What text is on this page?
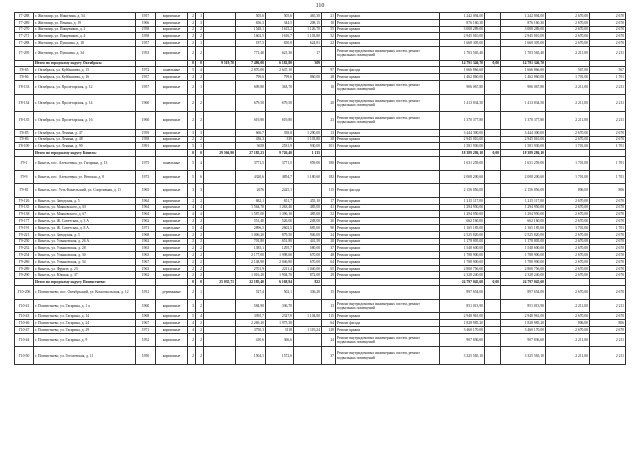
110
Г7-288	г. Житомир, ул. Никитина, д. 54	1957	кирпичные	2	1		505,6	505,6	465,30	21	Ремонт крыши	1 242 094,00		1 242 094,00	2 670,00	2 670
Г7-289	г. Житомир, ул. Пенина, д. 19	1966	кирпичные	2	3		656,3	344,5	208,15	18	Ремонт крыши	876 160,30		876 160,30	2 670,00	2 670
Г7-270	г. Житомир, ул. Пищевиков, д. 2	1958	кирпичные	2	2		1548,1	1615,2	1 126,70	55	Ремонт крыши	3 008 289,00		3 008 289,00	2 670,00	2 670
Г7-271	г. Житомир, ул. Пищевиков, д. 4	1958	кирпичные	2	2		1602,5	1616,7	1 103,80	52	Ремонт крыши	2 945 010,00		2 945 010,00	2 670,00	2 670
Г7-288	г. Житомир, ул. Пушкина, д. 18	1957	кирпичные	2	1		187,5	650,8	624,81	22	Ремонт крыши	1 668 305,00		1 668 305,00	2 670,00	2 670
Г7-295	г. Житомир, ул. Пушкина, д. 34	1953	кирпичные	2	2		771,40	621,30	17		Ремонт внутридомовых инженерных систем, ремонт подвальных помещений	1 703 565,40		1 703 565,40	2 211,00	2 211
	Итого по городскому округу Октябрьск:			0	0	9 519,70	7 486,00	6 182,80	309			14 791 346,70	0,00	14 791 346,70		
Г8-65	г. Октябрьск, ул. Куйбышева, д. 15	1972	панельные	5	4		2 870,00	2 647,10		97	Ремонт фасада	1 666 866,60		1 666 866,60	567,00	567
Г8-66	г. Октябрьск, ул. Куйбышева, д. 16	1957	кирпичные	2	2		799,6	799,6	860,00	28	Ремонт крыши	1 462 860,00		1 462 860,00	1 701,00	1 701
Г8-133	г. Октябрьск, ул. Пролетарская, д. 12	1957	кирпичные	2	1		609,80	363,70		10	Ремонт внутридомовых инженерных систем, ремонт подвальных помещений	906 067,80		906 067,80	2 211,00	2 211
Г8-134	г. Октябрьск, ул. Пролетарская, д. 14	1960	кирпичные	2	2		679,50	679,50		20	Ремонт внутридомовых инженерных систем, ремонт подвальных помещений	1 413 834,50		1 413 834,50	2 211,00	2 211
Г8-135	г. Октябрьск, ул. Пролетарская, д. 16	1960	кирпичные	2	2		619,80	619,80		23	Ремонт внутридомовых инженерных систем, ремонт подвальных помещений	1 370 377,80		1 370 377,80	2 211,00	2 211
Г8-85	г. Октябрьск, ул. Ленина, д. 47	1959	кирпичные	3	3		666,7	358,8	1 290,00	13	Ремонт крыши	3 444 300,00		3 444 300,00	2 670,00	2 670
Г8-86	г. Октябрьск, ул. Ленина, д. 48	1958	кирпичные	2	2		436,3	339	1 103,80	38	Ремонт крыши	2 945 010,00		2 945 010,00	2 670,00	2 670
Г8-100	г. Октябрьск, ул. Ленина, д. 90	1991	кирпичные	5	1		3658	2531,9	930,00	101	Ремонт крыши	1 581 930,00		1 581 930,00	1 701,00	1 701
	Итого по городскому округу Кинель:			0	0	29 566,90	27 185,23	9 726,40	1 135			18 389 286,10	0,00	18 389 286,10		
Г9-1	г. Кинель, пос. Алексеевка, ул. Гагарина, д. 13	1975	панельные	5	4		3771,5	3771,5	959,00	180	Ремонт крыши	1 631 259,00		1 631 259,00	1 701,00	1 701
Г9-9	г. Кинель, пос. Алексеевка, ул. Невская, д. 8	1973	кирпичные	5	6		4320,6	4854,7	1 180,60	182	Ремонт крыши	2 008 200,60		2 008 200,60	1 701,00	1 701
Г9-81	г. Кинель, пос. Усть-Кинельский, ул. Спортивная, д. 11	1965	кирпичные	3	3		2676	2425,1		115	Ремонт фасада	2 156 856,00		2 156 856,00	806,00	806
Г9-126	г. Кинель, ул. Заводская, д. 5	1964	кирпичные	2	2		682,1	651,7	455,10	17	Ремонт крыши	1 215 117,00		1 215 117,00	2 670,00	2 670
Г9-135	г. Кинель, ул. Маяковского, д. 65	1964	кирпичные	4	4		1 564,70	1 263,40	485,00	41	Ремонт крыши	1 294 950,00		1 294 950,00	2 670,00	2 670
Г9-138	г. Кинель, ул. Маяковского, д. 67	1964	кирпичные	4	4		1 587,00	1 396,10	485,00	52	Ремонт крыши	1 294 950,00		1 294 950,00	2 670,00	2 670
Г9-177	г. Кинель, ул. Ж. Советская, д. 3 А	1962	кирпичные	2	2		551,40	526,00	248,00	20	Ремонт крыши	662 160,00		662 160,00	2 670,00	2 670
Г9-191	г. Кинель, ул. Ж. Советская, д. 8 А	1971	панельные	5	4		2896,5	2602,5	685,00	90	Ремонт крыши	1 165 185,00		1 165 185,00	1 701,00	1 701
Г9-221	г. Кинель, ул. Заводская, д. 3	1968	кирпичные	2	2		1 006,20	879,50	946,00	24	Ремонт крыши	2 525 820,00		2 525 820,00	2 670,00	2 670
Г9-250	г. Кинель, ул. Ульяновская, д. 26 А	1962	кирпичные	2	2		701,80	651,80	441,50	28	Ремонт крыши	1 178 805,00		1 178 805,00	2 670,00	2 670
Г9-252	г. Кинель, ул. Ульяновская, д. 28	1963	кирпичные	2	2		1385,1	1295,7	580,00	37	Ремонт крыши	1 548 600,00		1 548 600,00	2 670,00	2 670
Г9-254	г. Кинель, ул. Ульяновская, д. 30	1963	кирпичные	2	2		2 177,00	1 998,60	670,00	48	Ремонт крыши	1 788 900,00		1 788 900,00	2 670,00	2 670
Г9-286	г. Кинель, ул. Ульяновская, д. 34	1967	кирпичные	2	2		2 148,90	2 046,80	670,00	64	Ремонт крыши	1 788 900,00		1 788 900,00	2 670,00	2 670
Г9-289	г. Кинель, ул. Фрунзе, д. 23	1963	кирпичные	2	2		2701,9	2211,4	1 040,00	65	Ремонт крыши	2 800 756,00		2 800 756,00	2 670,00	2 670
Г9-290	г. Кинель, ул. Южная, д. 37	1962	кирпичные	2	2		1 016,20	1 904,70	872,00	29	Ремонт крыши	2 328 240,00		2 328 240,00	2 670,00	2 670
	Итого по городскому округу Похвистнево:			0	0	25 035,71	22 185,40	6 168,94	822			24 797 045,60	0,00	24 797 045,60		
Г10-206	г. Похвистнево, пос. Октябрьский, ул. Комсомольская, д. 12	1931	деревянные	2	1		527,4	502,1	336,20	15	Ремонт крыши	897 654,00		897 654,00	2 670,00	2 670
Г10-41	г. Похвистнево, ул. Гагарина, д. 1 а	1960	кирпичные	3	2		584,90	336,70		13	Ремонт внутридомовых инженерных систем, ремонт подвальных помещений	851 013,90		851 013,90	2 211,00	2 211
Г10-43	г. Похвистнево, ул. Гагарина, д. 14	1968	кирпичные	5	4		3395,7	2327,9	1 104,00	115	Ремонт крыши	2 948 961,00		2 948 961,00	2 670,00	2 670
Г10-46	г. Похвистнево, ул. Гагарина, д. 24	1967	кирпичные	4	2		2 269,20	1 975,30		64	Ремонт фасада	1 828 985,20		1 828 985,20	806,00	806
Г10-47	г. Похвистнево, ул. Гагарина, д. 29	1971	кирпичные	4	2		3750,3	3118	1 119,24	128	Ремонт крыши	3 460 170,00		3 460 170,00	2 670,00	2 670
Г10-44	г. Похвистнево, ул. Гагарина, д. 9	1952	кирпичные	2	2		410,6	366,6		24	Ремонт внутридомовых инженерных систем, ремонт подвальных помещений	907 836,60		907 836,60	2 211,00	2 211
Г10-50	г. Похвистнево, ул. Гоголевская, д. 11	1950	кирпичные	2	2		1504,1	1572,6		37	Ремонт внутридомовых инженерных систем, ремонт подвальных помещений	3 325 565,10		3 325 565,10	2 211,00	2 211
